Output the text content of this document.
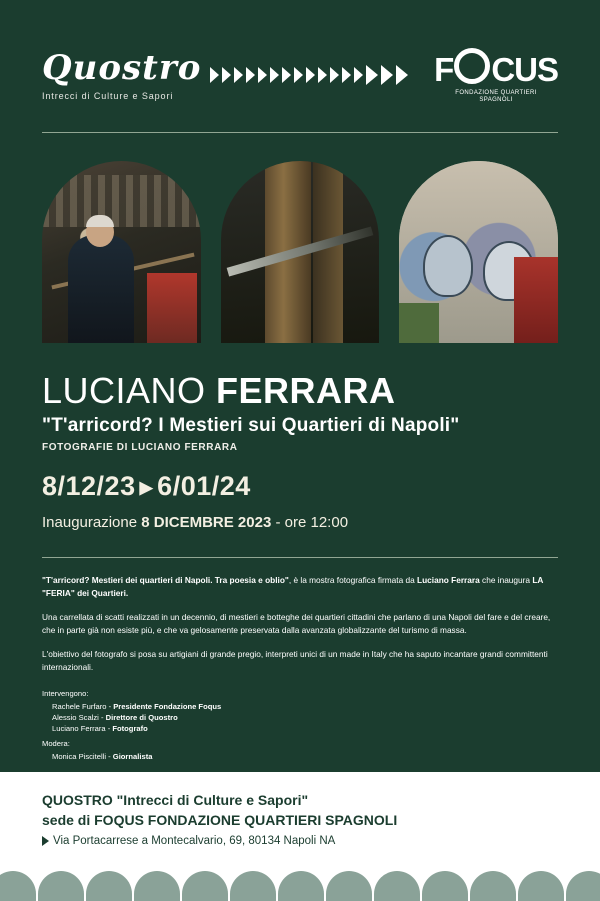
Quostro
Intrecci di Culture e Sapori
F CUS
FONDAZIONE QUARTIERI
SPAGNOLI
LUCIANO FERRARA
"T'arricord? I Mestieri sui Quartieri di Napoli"
FOTOGRAFIE DI LUCIANO FERRARA
8/12/23 ▶ 6/01/24
Inaugurazione 8 DICEMBRE 2023 - ore 12:00

"T'arricord? Mestieri dei quartieri di Napoli. Tra poesia e oblio", è la mostra fotografica firmata da Luciano Ferrara che inaugura LA "FERIA" dei Quartieri.

Una carrellata di scatti realizzati in un decennio, di mestieri e botteghe dei quartieri cittadini che parlano di una Napoli del fare e del creare, che in parte già non esiste più, e che va gelosamente preservata dalla avanzata globalizzante del turismo di massa.

L'obiettivo del fotografo si posa su artigiani di grande pregio, interpreti unici di un made in Italy che ha saputo incantare grandi committenti internazionali.

Intervengono:
Rachele Furfaro - Presidente Fondazione Foqus
Alessio Scalzi - Direttore di Quostro
Luciano Ferrara - Fotografo
Modera:
Monica Piscitelli - Giornalista
QUOSTRO "Intrecci di Culture e Sapori"
sede di FOQUS FONDAZIONE QUARTIERI SPAGNOLI
Via Portacarrese a Montecalvario, 69, 80134 Napoli NA
